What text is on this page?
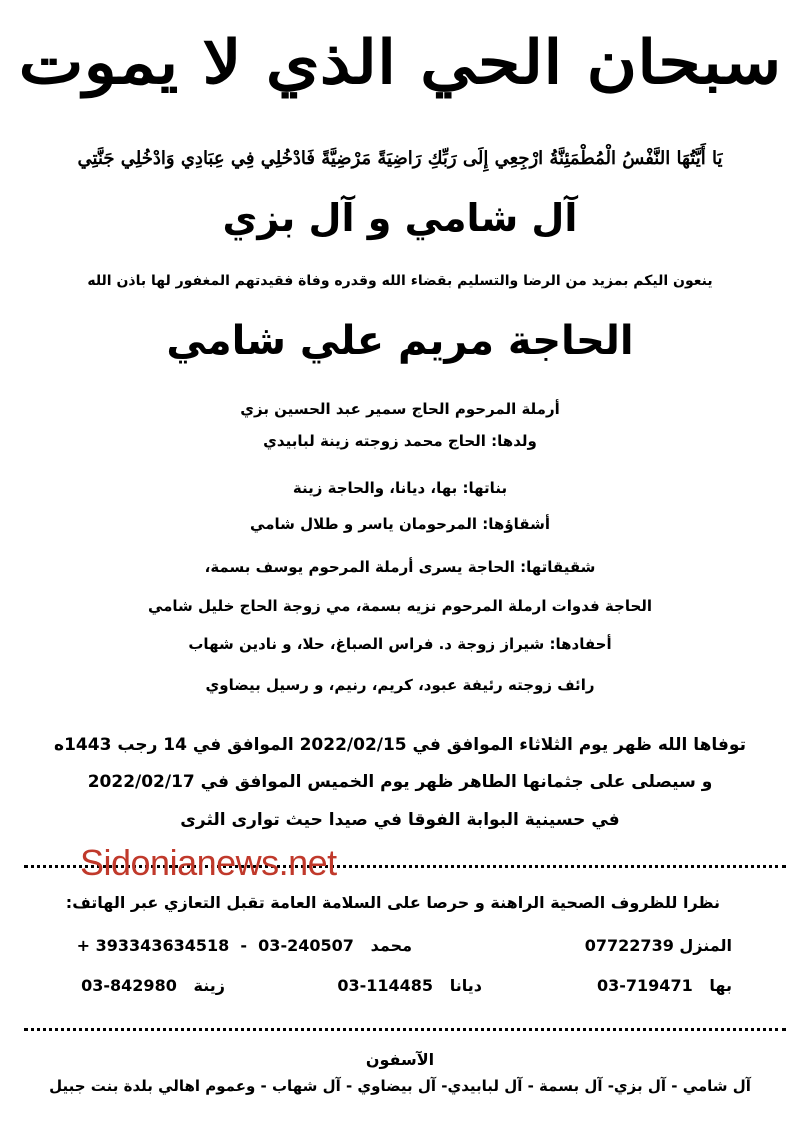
سبحان الحي الذي لا يموت
يَا أَيَّتُهَا النَّفْسُ الْمُطْمَئِنَّةُ ارْجِعِي إِلَى رَبِّكِ رَاضِيَةً مَرْضِيَّةً فَادْخُلِي فِي عِبَادِي وَادْخُلِي جَنَّتِي
آل شامي و آل بزي
ينعون اليكم بمزيد من الرضا والتسليم بقضاء الله وقدره وفاة فقيدتهم المغفور لها باذن الله
الحاجة مريم علي شامي
أرملة المرحوم الحاج سمير عبد الحسين بزي
ولدها: الحاج محمد زوجته زينة لبابيدي
بناتها: بها، ديانا، والحاجة زينة
أشقاؤها: المرحومان ياسر و طلال شامي
شقيقاتها: الحاجة يسرى أرملة المرحوم يوسف بسمة،
الحاجة فدوات ارملة المرحوم نزيه بسمة، مي زوجة الحاج خليل شامي
أحفادها: شيراز زوجة د. فراس الصباغ، حلا، و نادين شهاب
رائف زوجته رئيفة عبود، كريم، رنيم، و رسيل بيضاوي
توفاها الله ظهر يوم الثلاثاء الموافق في 2022/02/15 الموافق في 14 رجب 1443ه
و سيصلى على جثمانها الطاهر ظهر يوم الخميس الموافق في 2022/02/17
في حسينية البوابة الفوقا في صيدا حيث توارى الثرى
Sidonianews.net
نظرا للظروف الصحية الراهنة و حرصا على السلامة العامة تقبل التعازي عبر الهاتف:
المنزل 07722739
محمد   03-240507  -  + 393343634518
بها   03-719471
ديانا   03-114485
زينة   03-842980
الآسفون
آل شامي - آل بزي- آل بسمة - آل لبابيدي- آل بيضاوي - آل شهاب - وعموم اهالي بلدة بنت جبيل
